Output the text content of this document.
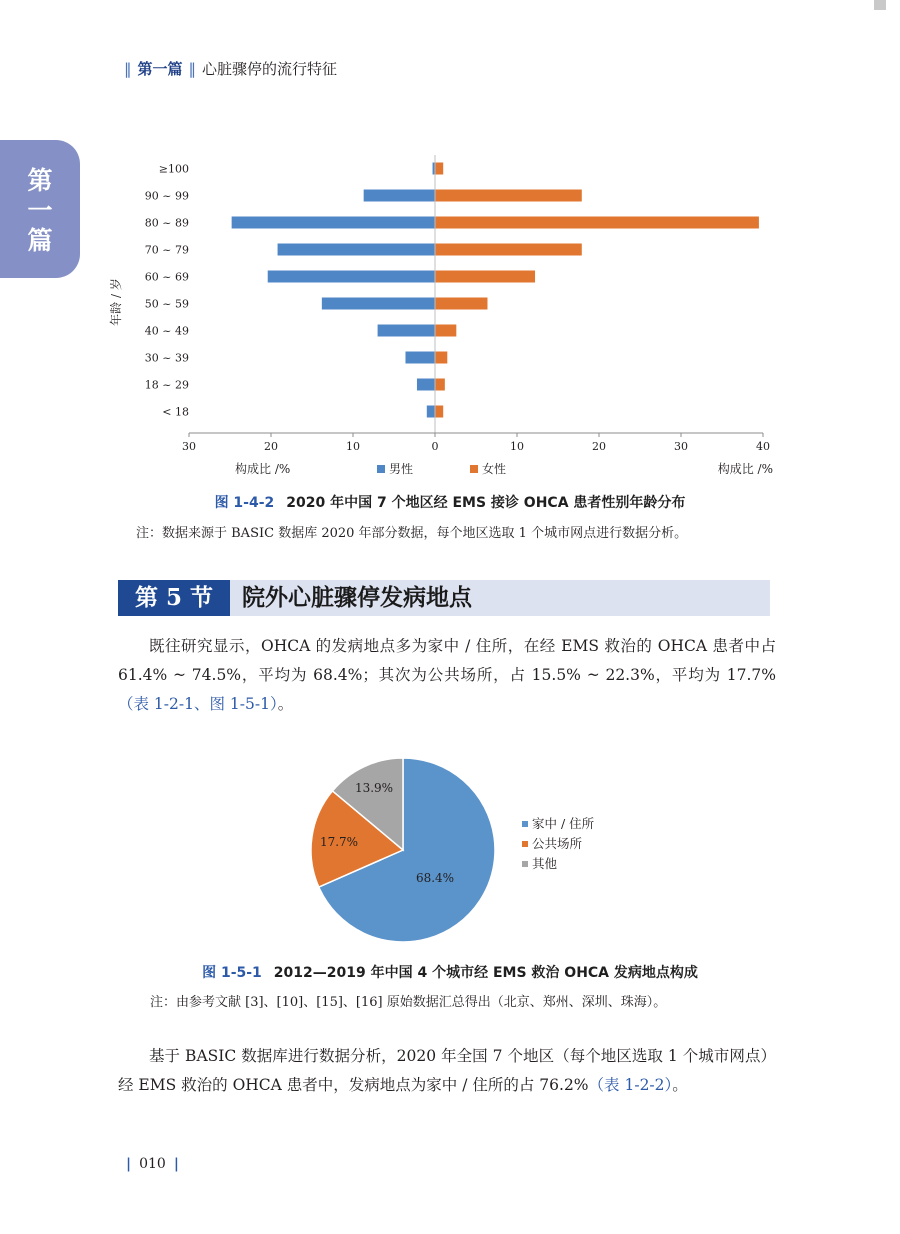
‖ 第一篇 ‖ 心脏骤停的流行特征
第
一
篇
≥100
90 ~ 99
80 ~ 89
70 ~ 79
60 ~ 69
50 ~ 59
40 ~ 49
30 ~ 39
18 ~ 29
< 18
30	20	10	0	10	20	30	40
构成比 /%	构成比 /%
男性	女性
年龄 / 岁
图 1-4-2 2020 年中国 7 个地区经 EMS 接诊 OHCA 患者性别年龄分布
注：数据来源于 BASIC 数据库 2020 年部分数据，每个地区选取 1 个城市网点进行数据分析。
第 5 节	院外心脏骤停发病地点
既往研究显示，OHCA 的发病地点多为家中 / 住所，在经 EMS 救治的 OHCA 患者中占 61.4% ~ 74.5%，平均为 68.4%；其次为公共场所，占 15.5% ~ 22.3%，平均为 17.7%（表 1-2-1、图 1-5-1）。
68.4%
17.7%
13.9%
家中 / 住所
公共场所
其他
图 1-5-1 2012—2019 年中国 4 个城市经 EMS 救治 OHCA 发病地点构成
注：由参考文献 [3]、[10]、[15]、[16] 原始数据汇总得出（北京、郑州、深圳、珠海）。
基于 BASIC 数据库进行数据分析，2020 年全国 7 个地区（每个地区选取 1 个城市网点）经 EMS 救治的 OHCA 患者中，发病地点为家中 / 住所的占 76.2%（表 1-2-2）。
| 010 |
